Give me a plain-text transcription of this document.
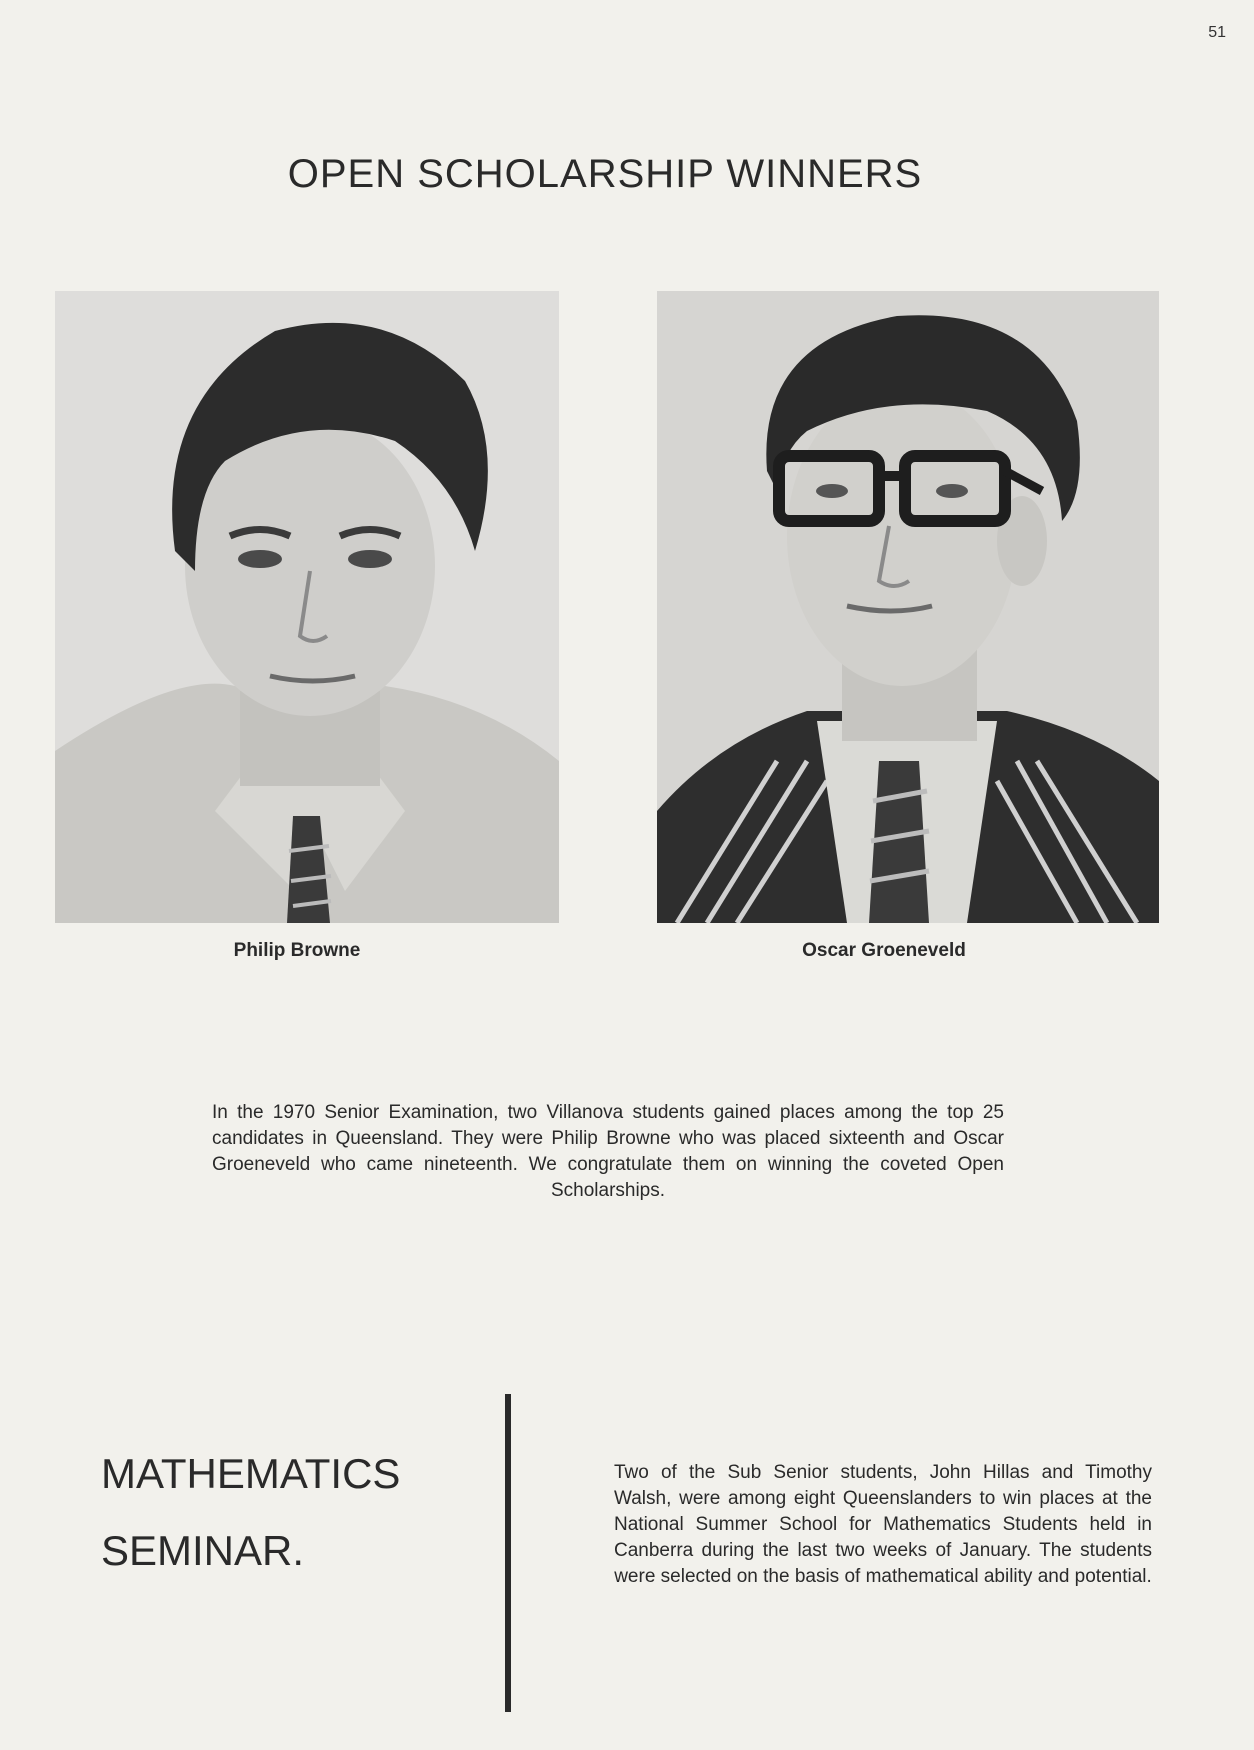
51
OPEN SCHOLARSHIP WINNERS
Philip Browne	Oscar Groeneveld

In the 1970 Senior Examination, two Villanova students gained places among the top 25 candidates in Queensland. They were Philip Browne who was placed sixteenth and Oscar Groeneveld who came nineteenth. We congratulate them on winning the coveted Open Scholarships.

MATHEMATICS
SEMINAR.

Two of the Sub Senior students, John Hillas and Timothy Walsh, were among eight Queenslanders to win places at the National Summer School for Mathematics Students held in Canberra during the last two weeks of January. The students were selected on the basis of mathematical ability and potential.
